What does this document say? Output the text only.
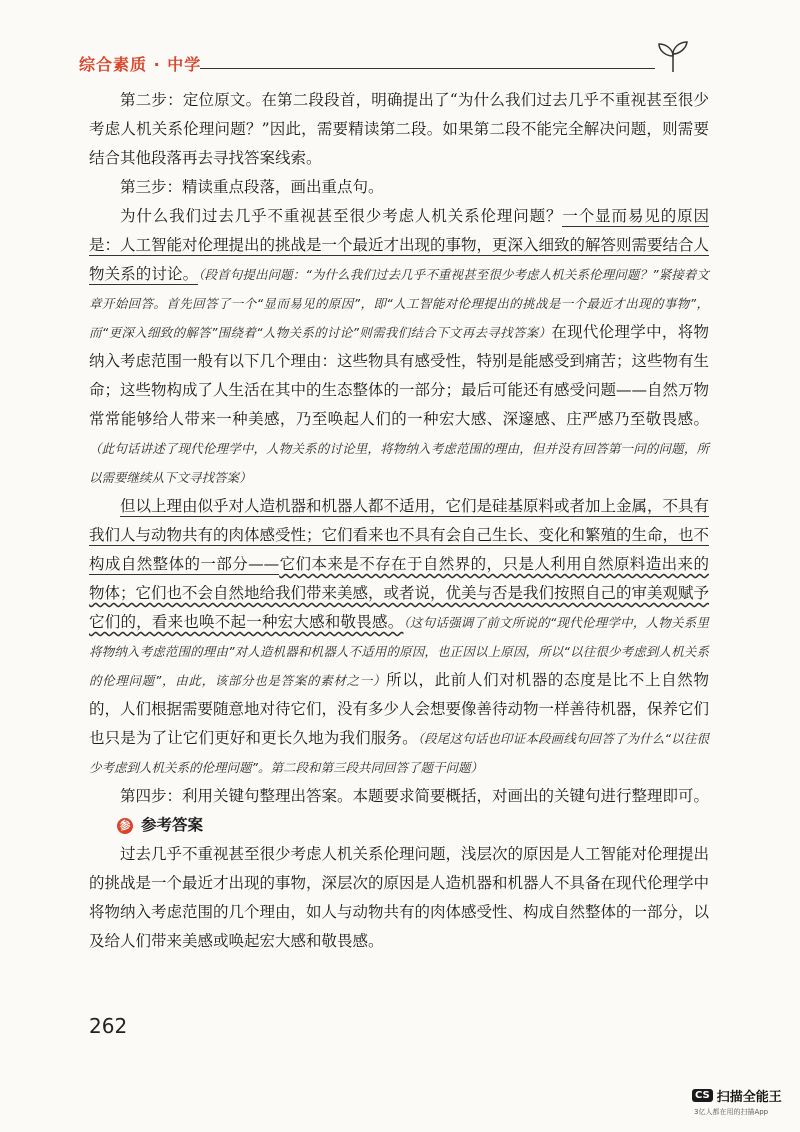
综合素质 · 中学

第二步：定位原文。在第二段段首，明确提出了“为什么我们过去几乎不重视甚至很少考虑人机关系伦理问题？”因此，需要精读第二段。如果第二段不能完全解决问题，则需要结合其他段落再去寻找答案线索。

第三步：精读重点段落，画出重点句。

为什么我们过去几乎不重视甚至很少考虑人机关系伦理问题？一个显而易见的原因是：人工智能对伦理提出的挑战是一个最近才出现的事物，更深入细致的解答则需要结合人物关系的讨论。（段首句提出问题：“为什么我们过去几乎不重视甚至很少考虑人机关系伦理问题？”紧接着文章开始回答。首先回答了一个“显而易见的原因”，即“人工智能对伦理提出的挑战是一个最近才出现的事物”，而“更深入细致的解答”围绕着“人物关系的讨论”则需我们结合下文再去寻找答案）在现代伦理学中，将物纳入考虑范围一般有以下几个理由：这些物具有感受性，特别是能感受到痛苦；这些物有生命；这些物构成了人生活在其中的生态整体的一部分；最后可能还有感受问题——自然万物常常能够给人带来一种美感，乃至唤起人们的一种宏大感、深邃感、庄严感乃至敬畏感。（此句话讲述了现代伦理学中，人物关系的讨论里，将物纳入考虑范围的理由，但并没有回答第一问的问题，所以需要继续从下文寻找答案）

但以上理由似乎对人造机器和机器人都不适用，它们是硅基原料或者加上金属，不具有我们人与动物共有的肉体感受性；它们看来也不具有会自己生长、变化和繁殖的生命，也不构成自然整体的一部分——它们本来是不存在于自然界的，只是人利用自然原料造出来的物体；它们也不会自然地给我们带来美感，或者说，优美与否是我们按照自己的审美观赋予它们的，看来也唤不起一种宏大感和敬畏感。（这句话强调了前文所说的“现代伦理学中，人物关系里将物纳入考虑范围的理由”对人造机器和机器人不适用的原因，也正因以上原因，所以“以往很少考虑到人机关系的伦理问题”，由此，该部分也是答案的素材之一）所以，此前人们对机器的态度是比不上自然物的，人们根据需要随意地对待它们，没有多少人会想要像善待动物一样善待机器，保养它们也只是为了让它们更好和更长久地为我们服务。（段尾这句话也印证本段画线句回答了为什么“以往很少考虑到人机关系的伦理问题”。第二段和第三段共同回答了题干问题）

第四步：利用关键句整理出答案。本题要求简要概括，对画出的关键句进行整理即可。

参 参考答案

过去几乎不重视甚至很少考虑人机关系伦理问题，浅层次的原因是人工智能对伦理提出的挑战是一个最近才出现的事物，深层次的原因是人造机器和机器人不具备在现代伦理学中将物纳入考虑范围的几个理由，如人与动物共有的肉体感受性、构成自然整体的一部分，以及给人们带来美感或唤起宏大感和敬畏感。

262
CS 扫描全能王
3亿人都在用的扫描App
